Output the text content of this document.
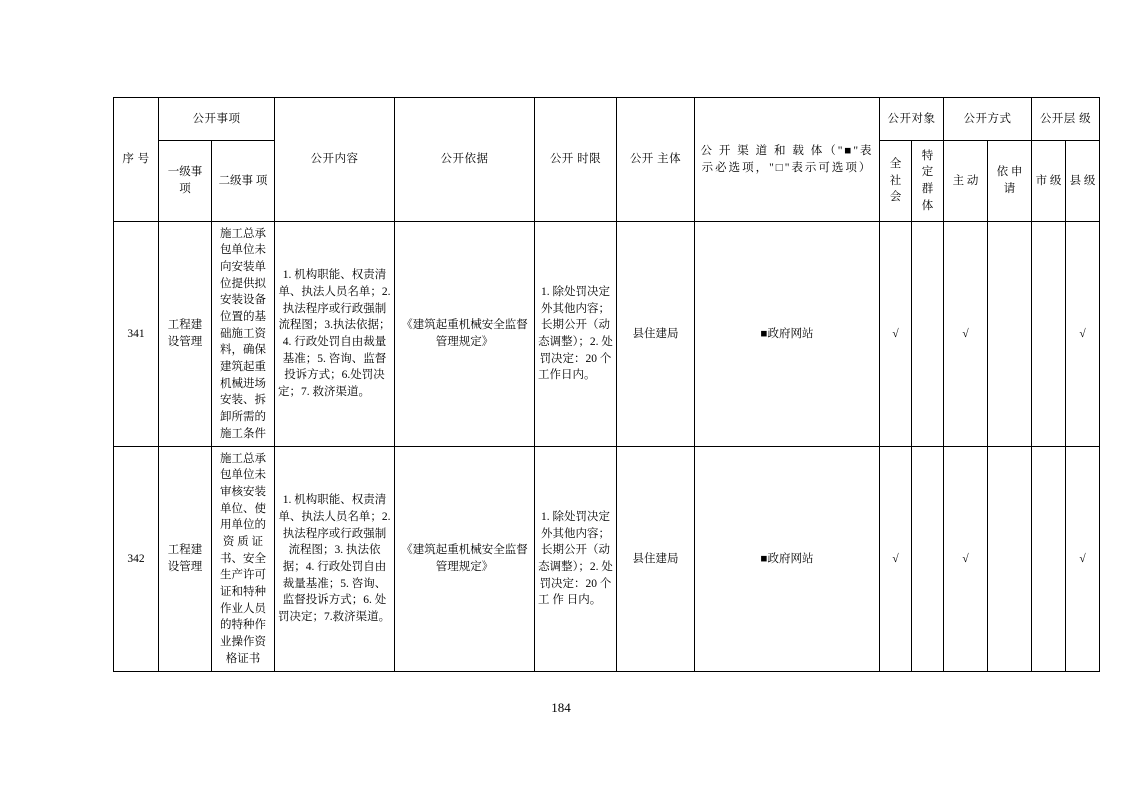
序 号	公开事项		公开内容	公开依据	公开 时限	公开 主体	公 开 渠 道 和 载 体（"■"表示必选项，"□"表示可选项）	公开对象		公开方式		公开层 级	
	一级事 项	二级事 项						全 社 会	特 定 群 体	主 动	依 申 请	市 级	县 级
341	工程建 设管理	施工总承包单位未向安装单位提供拟安装设备位置的基础施工资料，确保建筑起重机械进场安装、拆卸所需的施工条件	1. 机构职能、权责清单、执法人员名单；2.执法程序或行政强制流程图；3.执法依据；4. 行政处罚自由裁量基准；5. 咨询、监督投诉方式；6.处罚决定；7. 救济渠道。	《建筑起重机械安全监督管理规定》	1. 除处罚决定外其他内容；长期公开（动态调整）；2. 处罚决定：20 个工作日内。	县住建局	■政府网站	√		√			√
342	工程建 设管理	施工总承包单位未审核安装单位、使用单位的资 质 证书、安全生产许可证和特种作业人员的特种作业操作资格证书	1. 机构职能、权责清单、执法人员名单；2.执法程序或行政强制流程图；3. 执法依据；4. 行政处罚自由裁量基准；5. 咨询、监督投诉方式；6. 处罚决定；7.救济渠道。	《建筑起重机械安全监督管理规定》	1. 除处罚决定外其他内容；长期公开（动态调整）；2. 处罚决定：20 个 工 作 日内。	县住建局	■政府网站	√		√			√
184
